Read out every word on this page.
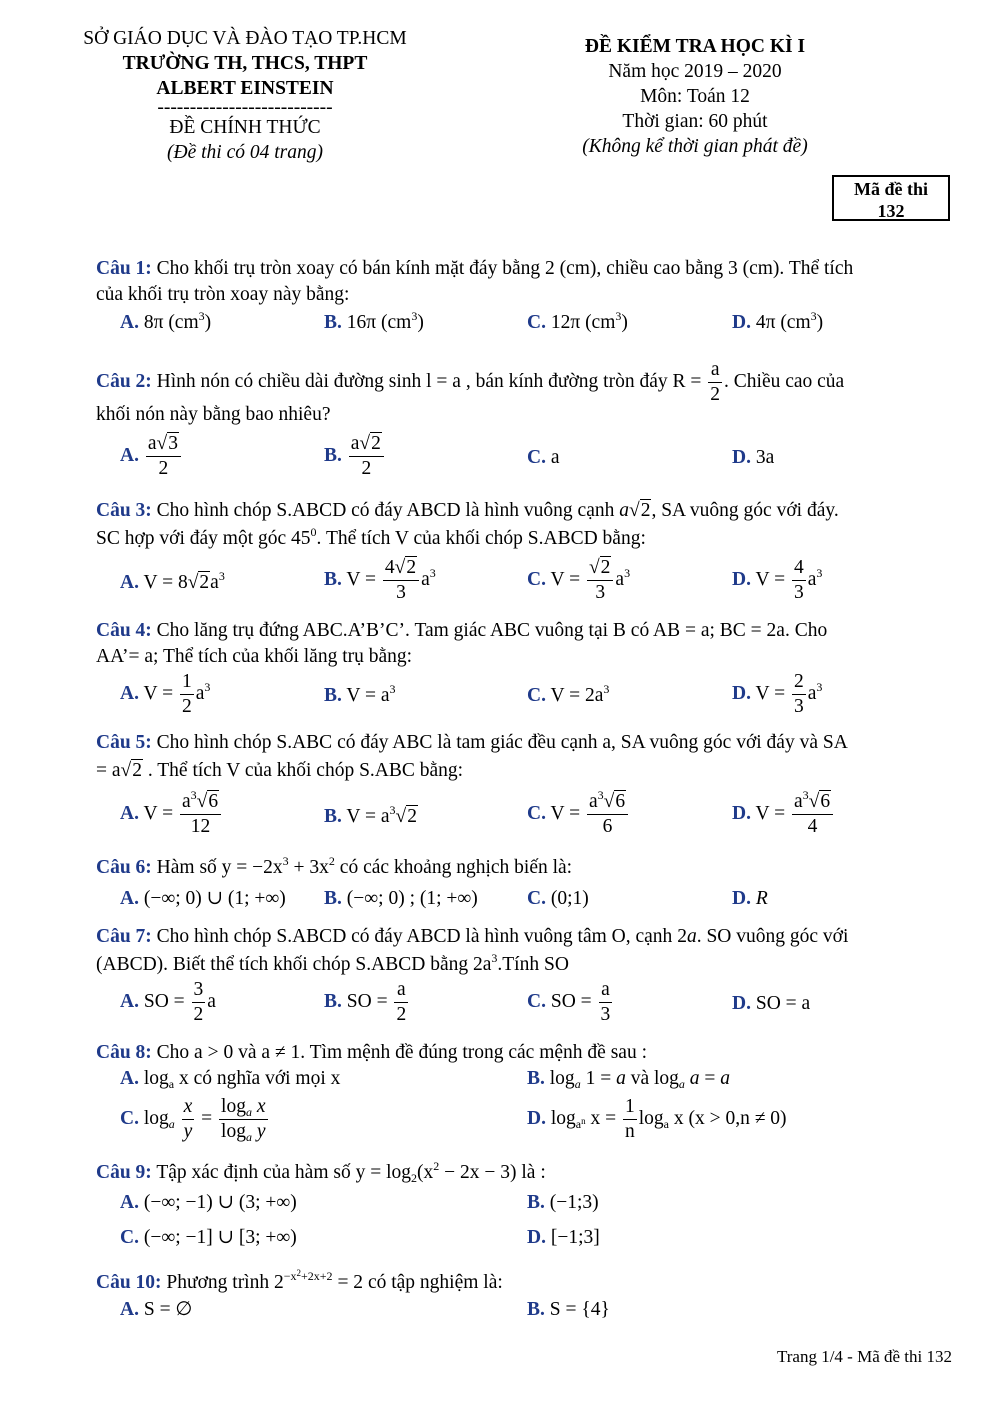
SỞ GIÁO DỤC VÀ ĐÀO TẠO TP.HCM
TRƯỜNG TH, THCS, THPT
ALBERT EINSTEIN
---------------------------
ĐỀ CHÍNH THỨC
(Đề thi có 04 trang)
ĐỀ KIỂM TRA HỌC KÌ I
Năm học 2019 – 2020
Môn: Toán 12
Thời gian: 60 phút
(Không kể thời gian phát đề)
Mã đề thi
132
Câu 1: Cho khối trụ tròn xoay có bán kính mặt đáy bằng 2 (cm), chiều cao bằng 3 (cm). Thể tích
của khối trụ tròn xoay này bằng:
A. 8π $(cm^3)$	B. 16π $(cm^3)$	C. 12π $(cm^3)$	D. 4π $(cm^3)$
Câu 2: Hình nón có chiều dài đường sinh l = a , bán kính đường tròn đáy $R = \frac{a}{2}$ . Chiều cao của
khối nón này bằng bao nhiêu?
A. $\frac{a√3}{2}$	B. $\frac{a√2}{2}$	C. a	D. 3a
Câu 3: Cho hình chóp S.ABCD có đáy ABCD là hình vuông cạnh a√2, SA vuông góc với đáy.
SC hợp với đáy một góc $45^0$. Thể tích V của khối chóp S.ABCD bằng:
A. $V = 8√2a^3$	B. $V = \frac{4√2}{3} a^3$	C. $V = \frac{√2}{3} a^3$	D. $V = \frac{4}{3} a^3$
Câu 4: Cho lăng trụ đứng ABC.A’B’C’. Tam giác ABC vuông tại B có AB = a; BC = 2a. Cho
AA’= a; Thể tích của khối lăng trụ bằng:
A. $V = \frac{1}{2} a^3$	B. $V = a^3$	C. $V = 2a^3$	D. $V = \frac{2}{3} a^3$
Câu 5: Cho hình chóp S.ABC có đáy ABC là tam giác đều cạnh a, SA vuông góc với đáy và SA
= a√2 . Thể tích V của khối chóp S.ABC bằng:
A. $V = \frac{a^3√6}{12}$	B. $V = a^3√2$	C. $V = \frac{a^3√6}{6}$	D. $V = \frac{a^3√6}{4}$
Câu 6: Hàm số $y = -2x^3 + 3x^2$ có các khoảng nghịch biến là:
A. (−∞; 0) ∪ (1; +∞) B. (−∞; 0) ; (1; +∞)	C. (0;1)	D. R
Câu 7: Cho hình chóp S.ABCD có đáy ABCD là hình vuông tâm O, cạnh 2a. SO vuông góc với
(ABCD). Biết thể tích khối chóp S.ABCD bằng $2a^3.Tính$ SO
A. SO = $\frac{3}{2}$ a	B. SO = $\frac{a}{2}$	C. SO = $\frac{a}{3}$	D. SO = a
Câu 8: Cho a > 0 và a ≠ 1. Tìm mệnh đề đúng trong các mệnh đề sau :
A. $\log_a x$ có nghĩa với mọi x	B. $\log_a 1 = a$ và $\log_a a = a$
C. $\log_a \frac{x}{y} = \frac{\log_a x}{\log_a y}$	D. $\log_{a^n} x = \frac{1}{n} \log_a x$ (x > 0,n ≠ 0)
Câu 9: Tập xác định của hàm số $y = \log_2(x^2 - 2x - 3)$ là :
A. (−∞; −1) ∪ (3; +∞)	B. (−1;3)
C. (−∞; −1] ∪ [3; +∞)	D. [−1;3]
Câu 10: Phương trình $2^{-x^2+2x+2} = 2$ có tập nghiệm là:
A. S = ∅	B. S = {4}
Trang 1/4 - Mã đề thi 132
